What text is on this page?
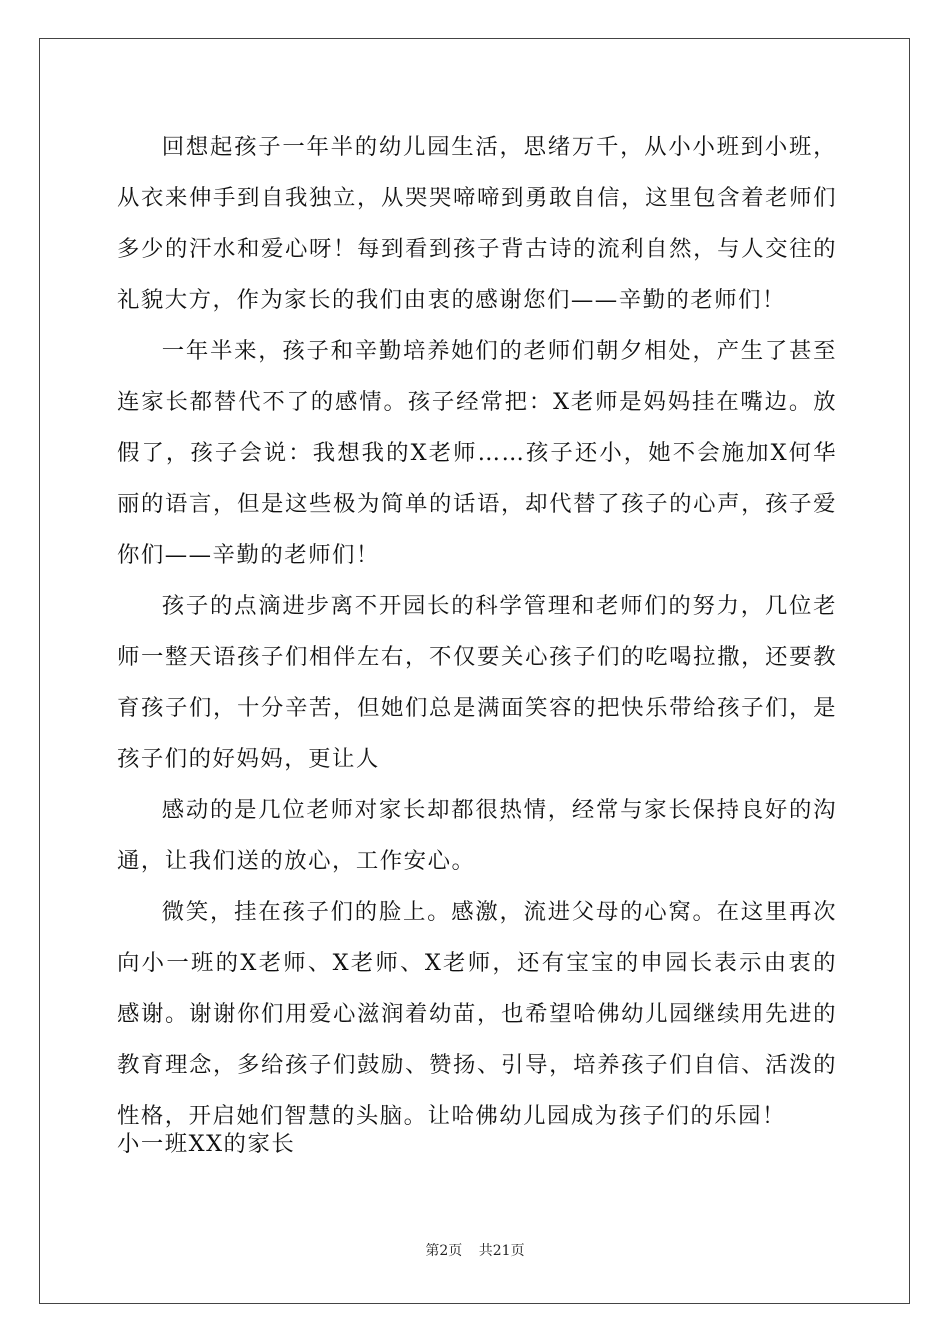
回想起孩子一年半的幼儿园生活，思绪万千，从小小班到小班，从衣来伸手到自我独立，从哭哭啼啼到勇敢自信，这里包含着老师们多少的汗水和爱心呀！每到看到孩子背古诗的流利自然，与人交往的礼貌大方，作为家长的我们由衷的感谢您们——辛勤的老师们！

一年半来，孩子和辛勤培养她们的老师们朝夕相处，产生了甚至连家长都替代不了的感情。孩子经常把：X老师是妈妈挂在嘴边。放假了，孩子会说：我想我的X老师……孩子还小，她不会施加X何华丽的语言，但是这些极为简单的话语，却代替了孩子的心声，孩子爱你们——辛勤的老师们！

孩子的点滴进步离不开园长的科学管理和老师们的努力，几位老师一整天语孩子们相伴左右，不仅要关心孩子们的吃喝拉撒，还要教育孩子们，十分辛苦，但她们总是满面笑容的把快乐带给孩子们，是孩子们的好妈妈，更让人

感动的是几位老师对家长却都很热情，经常与家长保持良好的沟通，让我们送的放心，工作安心。

微笑，挂在孩子们的脸上。感激，流进父母的心窝。在这里再次向小一班的X老师、X老师、X老师，还有宝宝的申园长表示由衷的感谢。谢谢你们用爱心滋润着幼苗，也希望哈佛幼儿园继续用先进的教育理念，多给孩子们鼓励、赞扬、引导，培养孩子们自信、活泼的性格，开启她们智慧的头脑。让哈佛幼儿园成为孩子们的乐园！

小一班XX的家长
第2页 共21页
